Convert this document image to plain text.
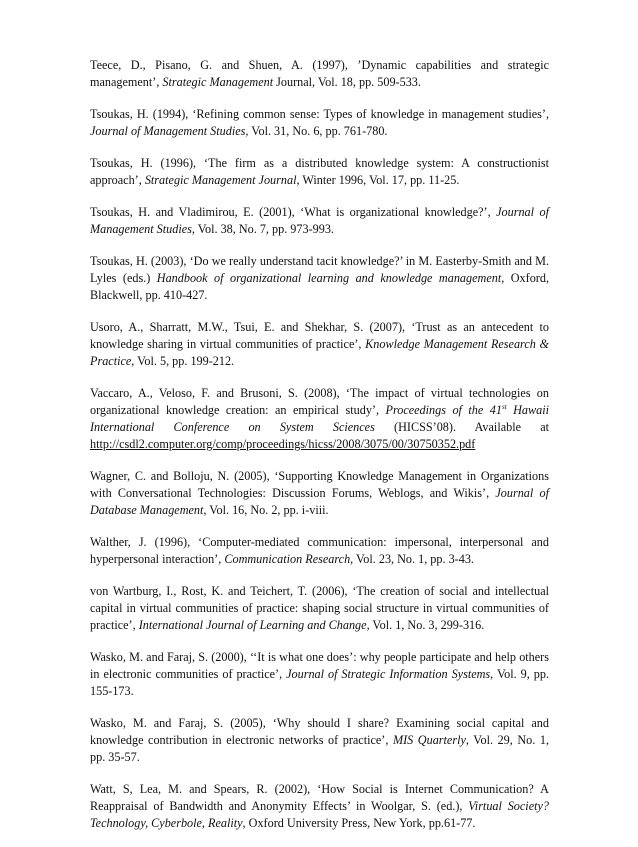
Teece, D., Pisano, G. and Shuen, A. (1997), ’Dynamic capabilities and strategic management’, Strategic Management Journal, Vol. 18, pp. 509-533.

Tsoukas, H. (1994), ‘Refining common sense: Types of knowledge in management studies’, Journal of Management Studies, Vol. 31, No. 6, pp. 761-780.

Tsoukas, H. (1996), ‘The firm as a distributed knowledge system: A constructionist approach’, Strategic Management Journal, Winter 1996, Vol. 17, pp. 11-25.

Tsoukas, H. and Vladimirou, E. (2001), ‘What is organizational knowledge?’, Journal of Management Studies, Vol. 38, No. 7, pp. 973-993.

Tsoukas, H. (2003), ‘Do we really understand tacit knowledge?’ in M. Easterby-Smith and M. Lyles (eds.) Handbook of organizational learning and knowledge management, Oxford, Blackwell, pp. 410-427.

Usoro, A., Sharratt, M.W., Tsui, E. and Shekhar, S. (2007), ‘Trust as an antecedent to knowledge sharing in virtual communities of practice’, Knowledge Management Research & Practice, Vol. 5, pp. 199-212.

Vaccaro, A., Veloso, F. and Brusoni, S. (2008), ‘The impact of virtual technologies on organizational knowledge creation: an empirical study’, Proceedings of the 41st Hawaii International Conference on System Sciences (HICSS’08). Available at http://csdl2.computer.org/comp/proceedings/hicss/2008/3075/00/30750352.pdf

Wagner, C. and Bolloju, N. (2005), ‘Supporting Knowledge Management in Organizations with Conversational Technologies: Discussion Forums, Weblogs, and Wikis’, Journal of Database Management, Vol. 16, No. 2, pp. i-viii.

Walther, J. (1996), ‘Computer-mediated communication: impersonal, interpersonal and hyperpersonal interaction’, Communication Research, Vol. 23, No. 1, pp. 3-43.

von Wartburg, I., Rost, K. and Teichert, T. (2006), ‘The creation of social and intellectual capital in virtual communities of practice: shaping social structure in virtual communities of practice’, International Journal of Learning and Change, Vol. 1, No. 3, 299-316.

Wasko, M. and Faraj, S. (2000), ‘‘It is what one does’: why people participate and help others in electronic communities of practice’, Journal of Strategic Information Systems, Vol. 9, pp. 155-173.

Wasko, M. and Faraj, S. (2005), ‘Why should I share? Examining social capital and knowledge contribution in electronic networks of practice’, MIS Quarterly, Vol. 29, No. 1, pp. 35-57.

Watt, S, Lea, M. and Spears, R. (2002), ‘How Social is Internet Communication? A Reappraisal of Bandwidth and Anonymity Effects’ in Woolgar, S. (ed.), Virtual Society? Technology, Cyberbole, Reality, Oxford University Press, New York, pp.61-77.
